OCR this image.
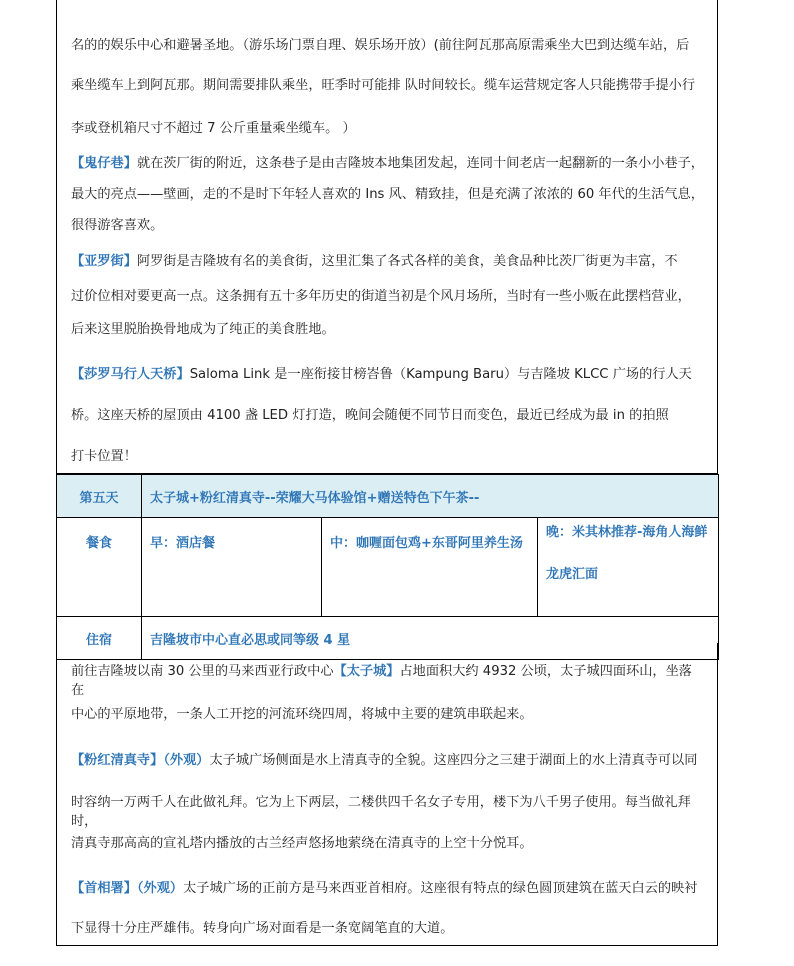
名的的娱乐中心和避暑圣地。（游乐场门票自理、娱乐场开放）(前往阿瓦那高原需乘坐大巴到达缆车站，后

乘坐缆车上到阿瓦那。期间需要排队乘坐，旺季时可能排 队时间较长。缆车运营规定客人只能携带手提小行

李或登机箱尺寸不超过 7 公斤重量乘坐缆车。 ）

【鬼仔巷】就在茨厂街的附近，这条巷子是由吉隆坡本地集团发起，连同十间老店一起翻新的一条小小巷子，

最大的亮点——壁画，走的不是时下年轻人喜欢的 Ins 风、精致挂，但是充满了浓浓的 60 年代的生活气息，

很得游客喜欢。

【亚罗街】阿罗街是吉隆坡有名的美食街，这里汇集了各式各样的美食，美食品种比茨厂街更为丰富，不

过价位相对要更高一点。这条拥有五十多年历史的街道当初是个风月场所，当时有一些小贩在此摆档营业，

后来这里脱胎换骨地成为了纯正的美食胜地。

【莎罗马行人天桥】Saloma Link 是一座衔接甘榜峇鲁（Kampung Baru）与吉隆坡 KLCC 广场的行人天

桥。这座天桥的屋顶由 4100 盏 LED 灯打造，晚间会随便不同节日而变色，最近已经成为最 in 的拍照

打卡位置！

第五天	太子城+粉红清真寺--荣耀大马体验馆+赠送特色下午茶--		
餐食	早：酒店餐	中：咖喱面包鸡+东哥阿里养生汤	晚：米其林推荐-海角人海鲜
龙虎汇面

住宿	吉隆坡市中心直必思或同等级 4 星		

前往吉隆坡以南 30 公里的马来西亚行政中心【太子城】占地面积大约 4932 公顷，太子城四面环山，坐落在

中心的平原地带，一条人工开挖的河流环绕四周，将城中主要的建筑串联起来。

【粉红清真寺】（外观）太子城广场侧面是水上清真寺的全貌。这座四分之三建于湖面上的水上清真寺可以同

时容纳一万两千人在此做礼拜。它为上下两层，二楼供四千名女子专用，楼下为八千男子使用。每当做礼拜时，

清真寺那高高的宣礼塔内播放的古兰经声悠扬地萦绕在清真寺的上空十分悦耳。

【首相署】（外观）太子城广场的正前方是马来西亚首相府。这座很有特点的绿色圆顶建筑在蓝天白云的映衬

下显得十分庄严雄伟。转身向广场对面看是一条宽阔笔直的大道。
